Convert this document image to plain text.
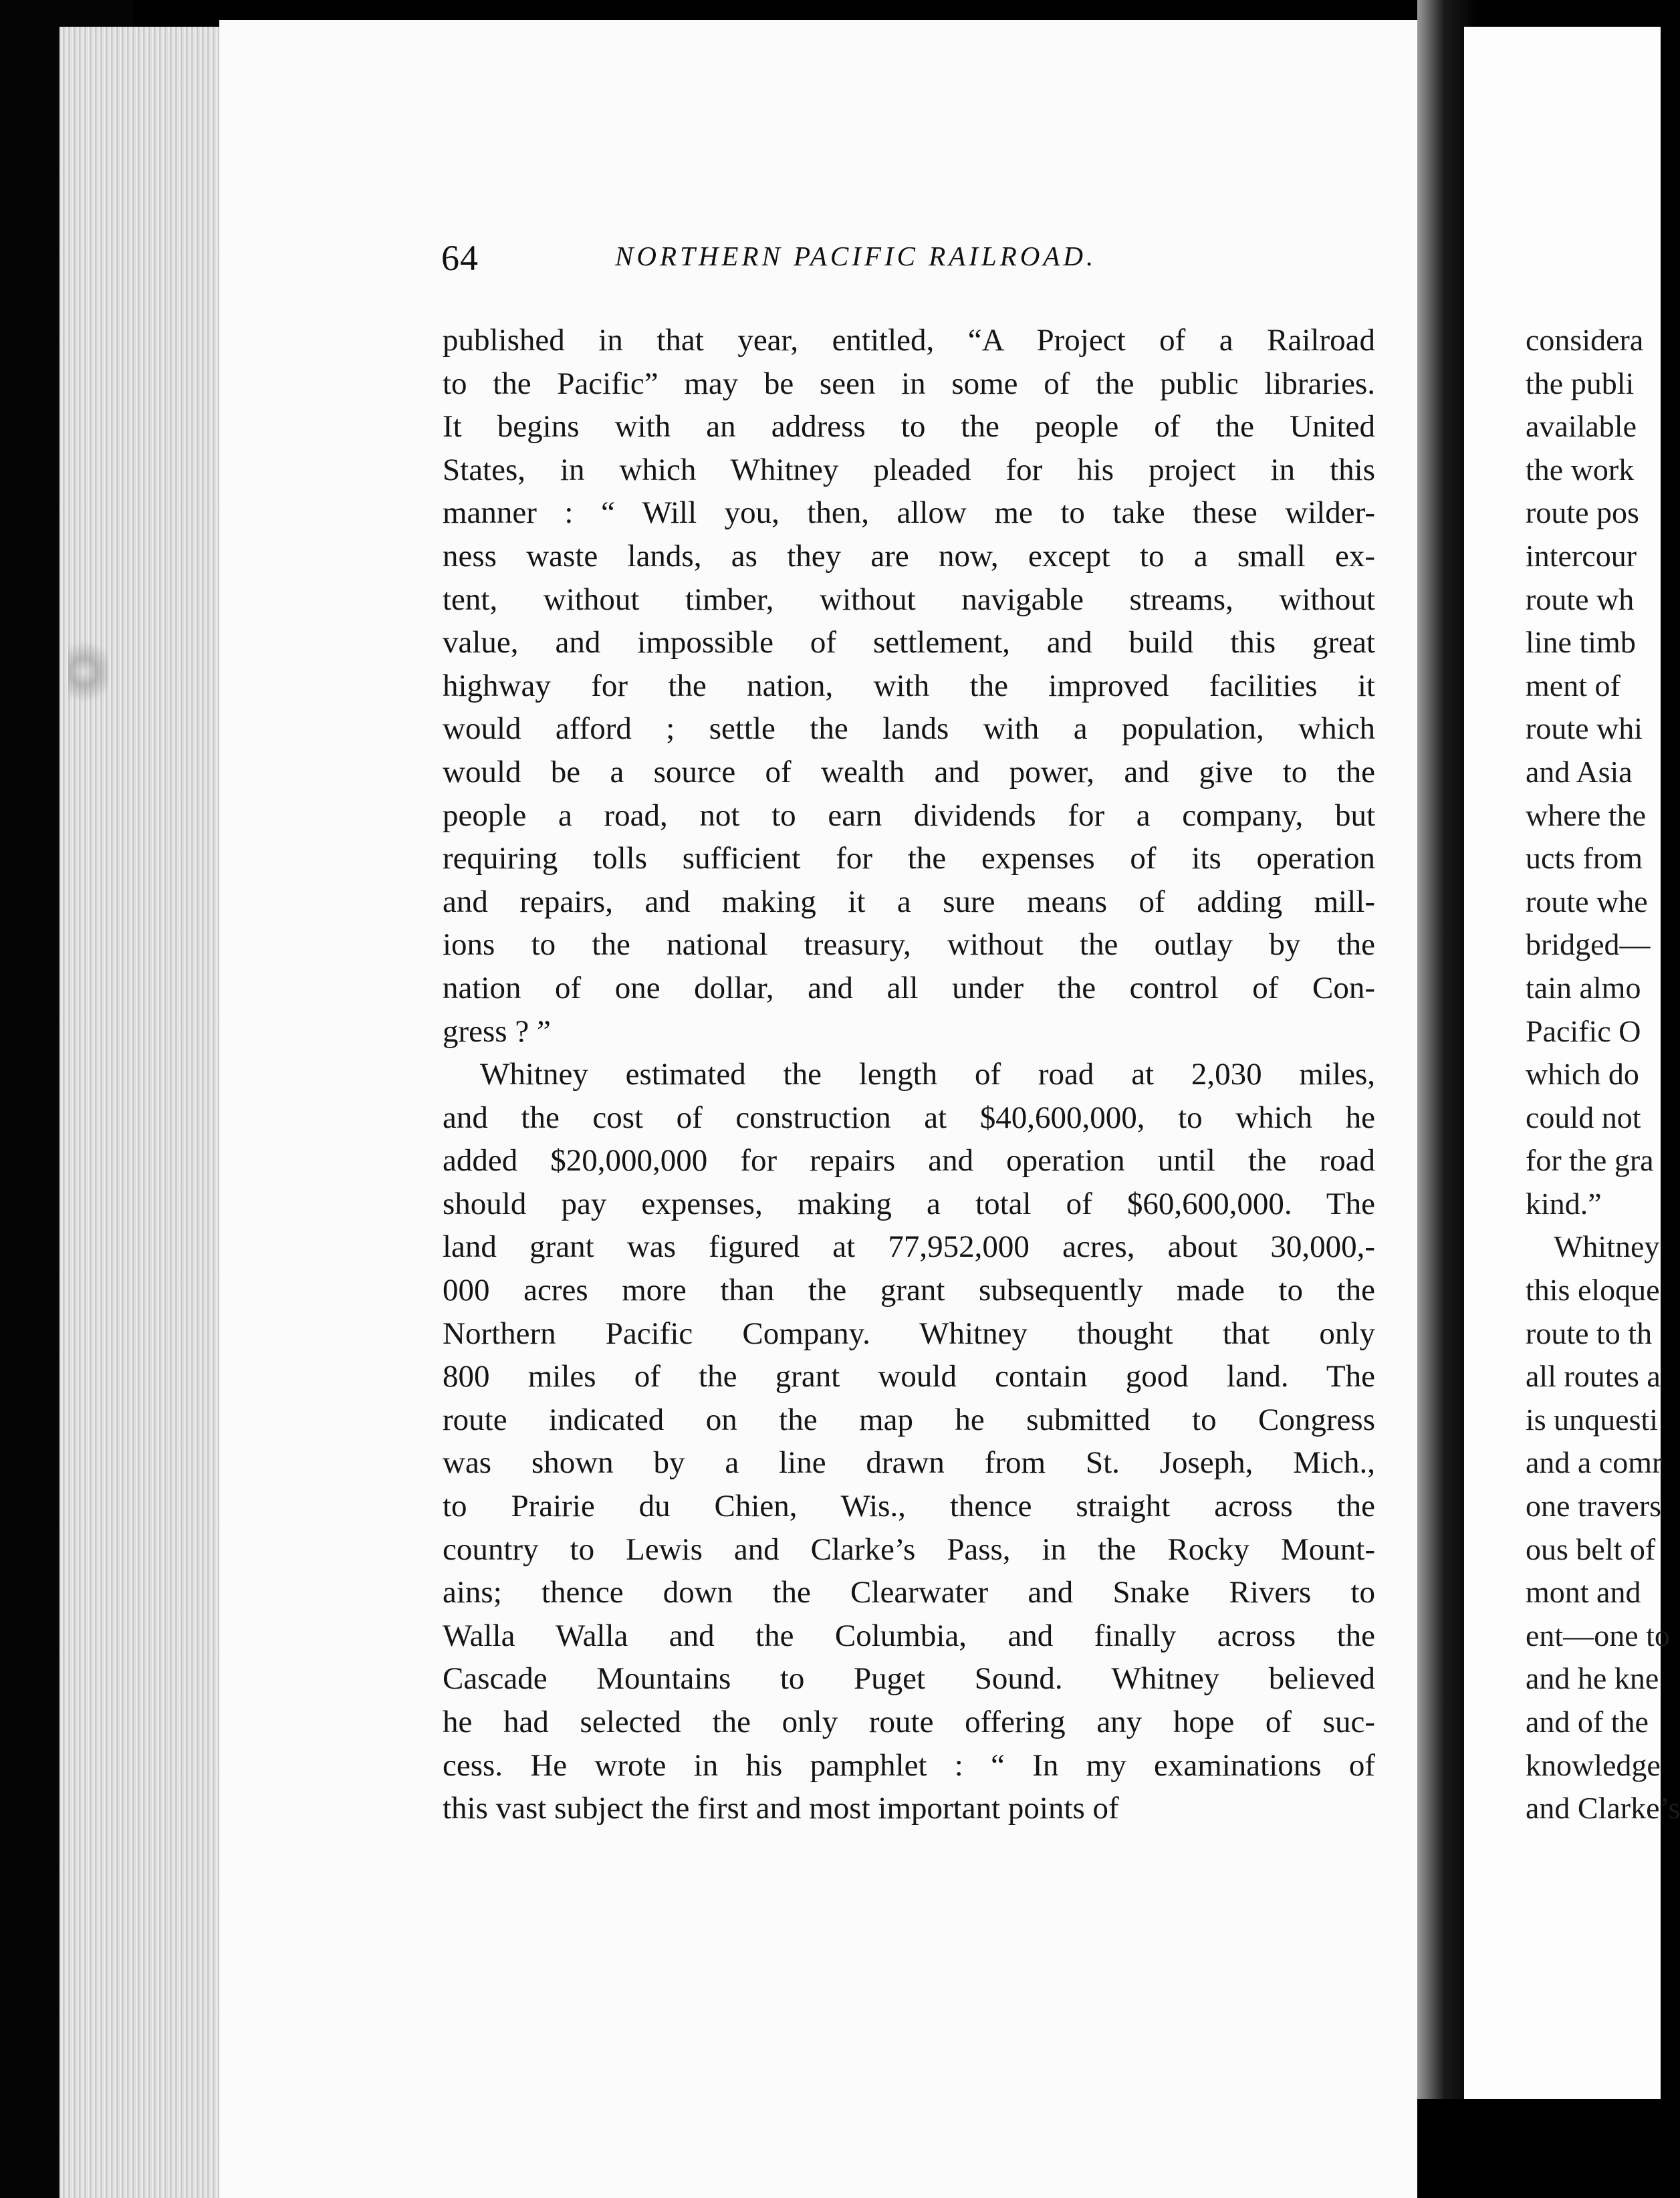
64	NORTHERN PACIFIC RAILROAD.
published in that year, entitled, “A Project of a Railroad
to the Pacific” may be seen in some of the public libraries.
It begins with an address to the people of the United
States, in which Whitney pleaded for his project in this
manner : “ Will you, then, allow me to take these wilder-
ness waste lands, as they are now, except to a small ex-
tent, without timber, without navigable streams, without
value, and impossible of settlement, and build this great
highway for the nation, with the improved facilities it
would afford ; settle the lands with a population, which
would be a source of wealth and power, and give to the
people a road, not to earn dividends for a company, but
requiring tolls sufficient for the expenses of its operation
and repairs, and making it a sure means of adding mill-
ions to the national treasury, without the outlay by the
nation of one dollar, and all under the control of Con-
gress ? ”
Whitney estimated the length of road at 2,030 miles,
and the cost of construction at $40,600,000, to which he
added $20,000,000 for repairs and operation until the road
should pay expenses, making a total of $60,600,000. The
land grant was figured at 77,952,000 acres, about 30,000,-
000 acres more than the grant subsequently made to the
Northern Pacific Company. Whitney thought that only
800 miles of the grant would contain good land. The
route indicated on the map he submitted to Congress
was shown by a line drawn from St. Joseph, Mich.,
to Prairie du Chien, Wis., thence straight across the
country to Lewis and Clarke’s Pass, in the Rocky Mount-
ains; thence down the Clearwater and Snake Rivers to
Walla Walla and the Columbia, and finally across the
Cascade Mountains to Puget Sound. Whitney believed
he had selected the only route offering any hope of suc-
cess. He wrote in his pamphlet : “ In my examinations of
this vast subject the first and most important points of
considera
the publi
available
the work
route pos
intercour
route wh
line timb
ment of
route whi
and Asia
where the
ucts from
route whe
bridged—
tain almo
Pacific O
which do
could not
for the gra
kind.”
Whitney
this eloque
route to th
all routes a
is unquesti
and a comr
one travers
ous belt of
mont and
ent—one to
and he kne
and of the
knowledge
and Clarke’s
